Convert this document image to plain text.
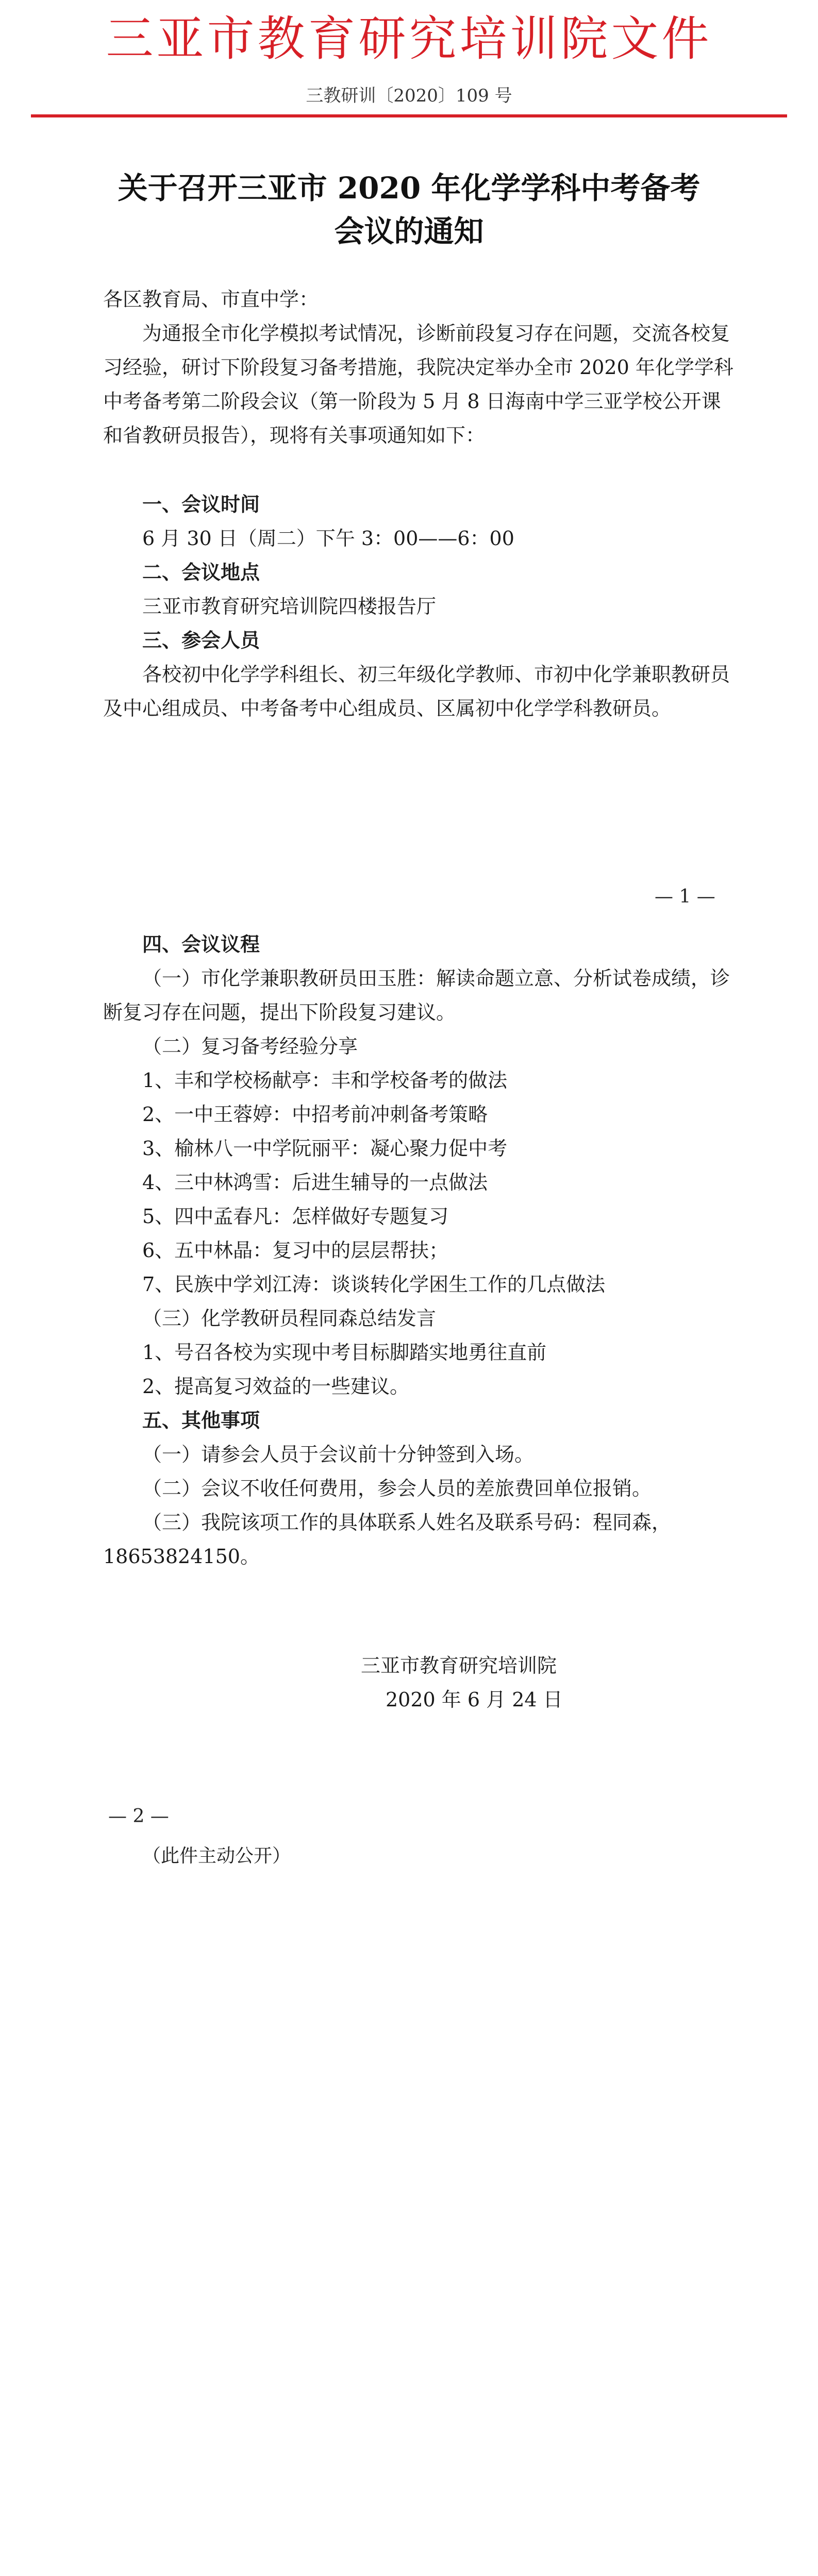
三亚市教育研究培训院文件
三教研训〔2020〕109 号
关于召开三亚市 2020 年化学学科中考备考
会议的通知
各区教育局、市直中学：
为通报全市化学模拟考试情况，诊断前段复习存在问题，交流各校复习经验，研讨下阶段复习备考措施，我院决定举办全市 2020 年化学学科中考备考第二阶段会议（第一阶段为 5 月 8 日海南中学三亚学校公开课和省教研员报告），现将有关事项通知如下：
一、会议时间
6 月 30 日（周二）下午 3：00——6：00
二、会议地点
三亚市教育研究培训院四楼报告厅
三、参会人员
各校初中化学学科组长、初三年级化学教师、市初中化学兼职教研员及中心组成员、中考备考中心组成员、区属初中化学学科教研员。
— 1 —
四、会议议程
（一）市化学兼职教研员田玉胜：解读命题立意、分析试卷成绩，诊断复习存在问题，提出下阶段复习建议。
（二）复习备考经验分享
1、丰和学校杨献亭：丰和学校备考的做法
2、一中王蓉婷：中招考前冲刺备考策略
3、榆林八一中学阮丽平：凝心聚力促中考
4、三中林鸿雪：后进生辅导的一点做法
5、四中孟春凡：怎样做好专题复习
6、五中林晶：复习中的层层帮扶；
7、民族中学刘江涛：谈谈转化学困生工作的几点做法
（三）化学教研员程同森总结发言
1、号召各校为实现中考目标脚踏实地勇往直前
2、提高复习效益的一些建议。
五、其他事项
（一）请参会人员于会议前十分钟签到入场。
（二）会议不收任何费用，参会人员的差旅费回单位报销。
（三）我院该项工作的具体联系人姓名及联系号码：程同森，18653824150。
三亚市教育研究培训院
2020 年 6 月 24 日
— 2 —
（此件主动公开）
